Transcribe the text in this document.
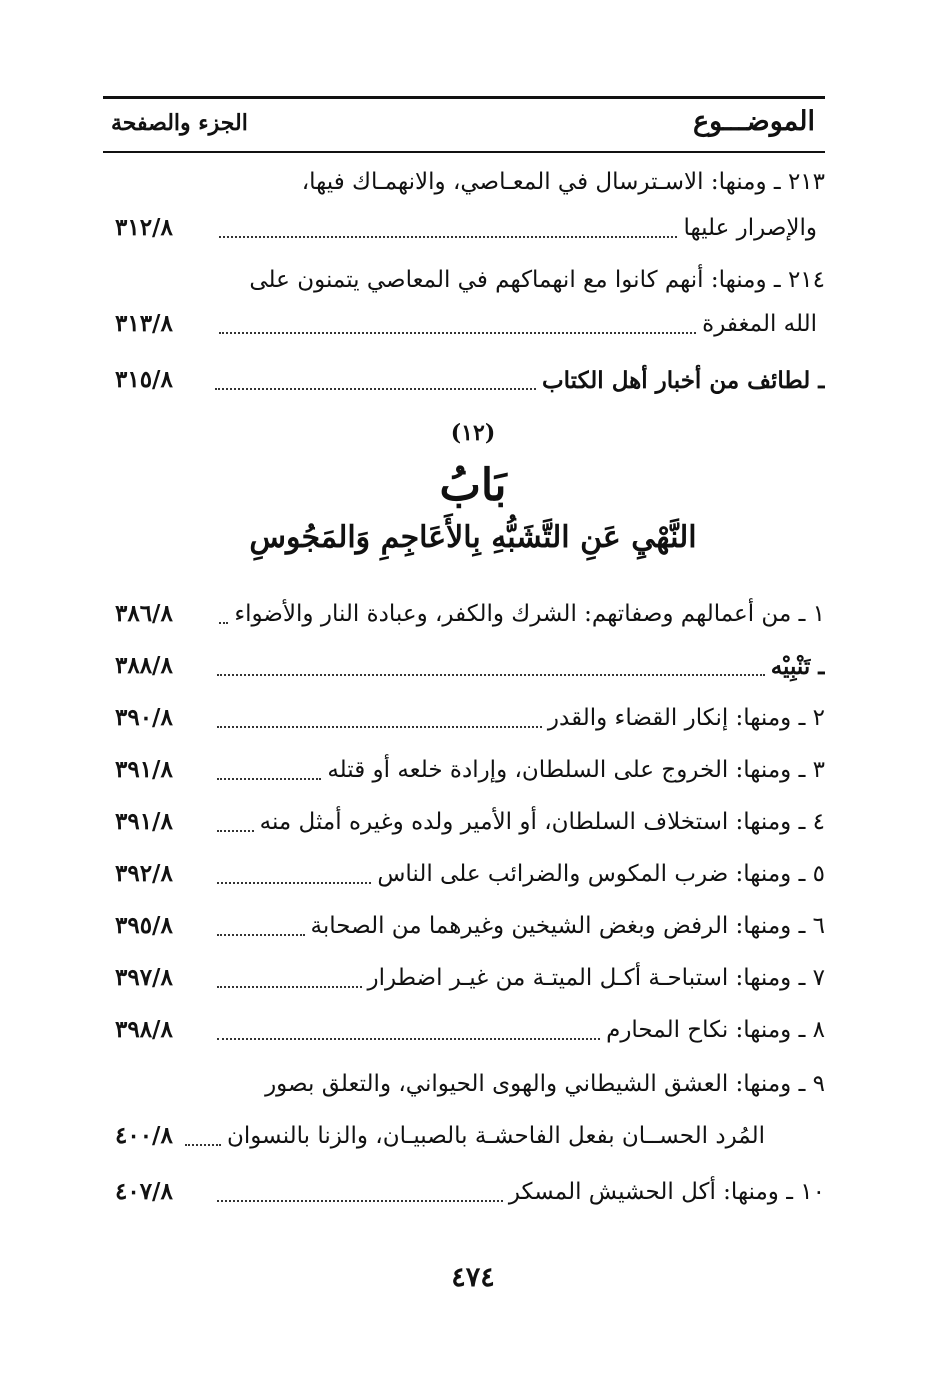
الموضـــوع
الجزء والصفحة
٢١٣ ـ ومنها: الاسـترسال في المعـاصي، والانهمـاك فيها،
والإصرار عليها
٣١٢/٨
٢١٤ ـ ومنها: أنهم كانوا مع انهماكهم في المعاصي يتمنون على
الله المغفرة
٣١٣/٨
ـ لطائف من أخبار أهل الكتاب
٣١٥/٨
(١٢)
بَابُ
النَّهْيِ عَنِ التَّشَبُّهِ بِالأَعَاجِمِ وَالمَجُوسِ
١ ـ من أعمالهم وصفاتهم: الشرك والكفر، وعبادة النار والأضواء
٣٨٦/٨
ـ تَنْبِيْه
٣٨٨/٨
٢ ـ ومنها: إنكار القضاء والقدر
٣٩٠/٨
٣ ـ ومنها: الخروج على السلطان، وإرادة خلعه أو قتله
٣٩١/٨
٤ ـ ومنها: استخلاف السلطان، أو الأمير ولده وغيره أمثل منه
٣٩١/٨
٥ ـ ومنها: ضرب المكوس والضرائب على الناس
٣٩٢/٨
٦ ـ ومنها: الرفض وبغض الشيخين وغيرهما من الصحابة
٣٩٥/٨
٧ ـ ومنها: استباحـة أكـل الميتـة من غيـر اضطرار
٣٩٧/٨
٨ ـ ومنها: نكاح المحارم
٣٩٨/٨
٩ ـ ومنها: العشق الشيطاني والهوى الحيواني، والتعلق بصور
المُرد الحســان بفعل الفاحشـة بالصبيـان، والزنا بالنسوان
٤٠٠/٨
١٠ ـ ومنها: أكل الحشيش المسكر
٤٠٧/٨
٤٧٤
